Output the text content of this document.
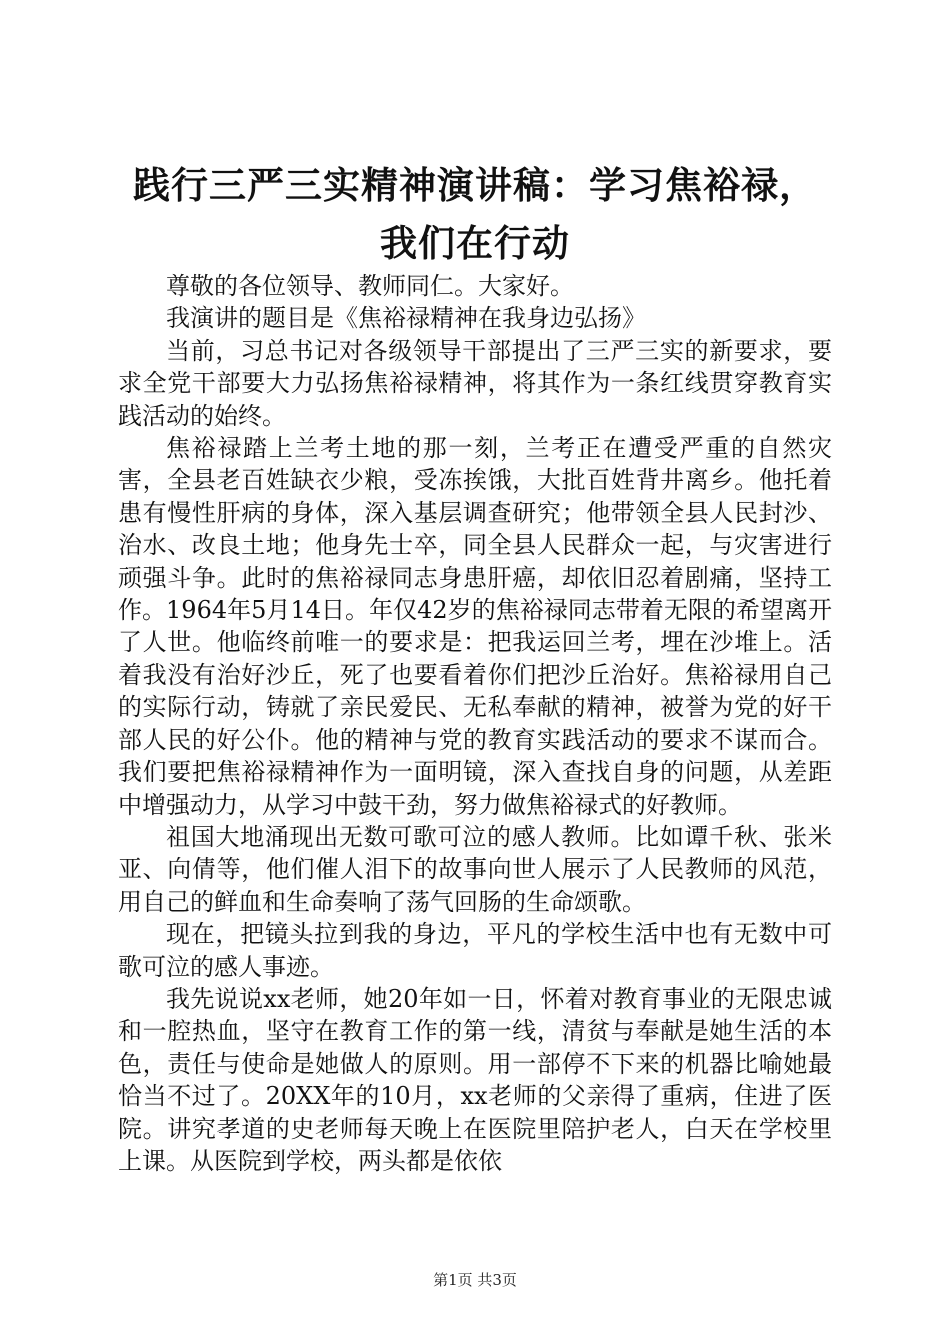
践行三严三实精神演讲稿：学习焦裕禄，我们在行动

尊敬的各位领导、教师同仁。大家好。

我演讲的题目是《焦裕禄精神在我身边弘扬》

当前，习总书记对各级领导干部提出了三严三实的新要求，要求全党干部要大力弘扬焦裕禄精神，将其作为一条红线贯穿教育实践活动的始终。

焦裕禄踏上兰考土地的那一刻，兰考正在遭受严重的自然灾害，全县老百姓缺衣少粮，受冻挨饿，大批百姓背井离乡。他托着患有慢性肝病的身体，深入基层调查研究；他带领全县人民封沙、治水、改良土地；他身先士卒，同全县人民群众一起，与灾害进行顽强斗争。此时的焦裕禄同志身患肝癌，却依旧忍着剧痛，坚持工作。1964年5月14日。年仅42岁的焦裕禄同志带着无限的希望离开了人世。他临终前唯一的要求是：把我运回兰考，埋在沙堆上。活着我没有治好沙丘，死了也要看着你们把沙丘治好。焦裕禄用自己的实际行动，铸就了亲民爱民、无私奉献的精神，被誉为党的好干部人民的好公仆。他的精神与党的教育实践活动的要求不谋而合。我们要把焦裕禄精神作为一面明镜，深入查找自身的问题，从差距中增强动力，从学习中鼓干劲，努力做焦裕禄式的好教师。

祖国大地涌现出无数可歌可泣的感人教师。比如谭千秋、张米亚、向倩等，他们催人泪下的故事向世人展示了人民教师的风范，用自己的鲜血和生命奏响了荡气回肠的生命颂歌。

现在，把镜头拉到我的身边，平凡的学校生活中也有无数中可歌可泣的感人事迹。

我先说说xx老师，她20年如一日，怀着对教育事业的无限忠诚和一腔热血，坚守在教育工作的第一线，清贫与奉献是她生活的本色，责任与使命是她做人的原则。用一部停不下来的机器比喻她最恰当不过了。20XX年的10月，xx老师的父亲得了重病，住进了医院。讲究孝道的史老师每天晚上在医院里陪护老人，白天在学校里上课。从医院到学校，两头都是依依

第1页 共3页
